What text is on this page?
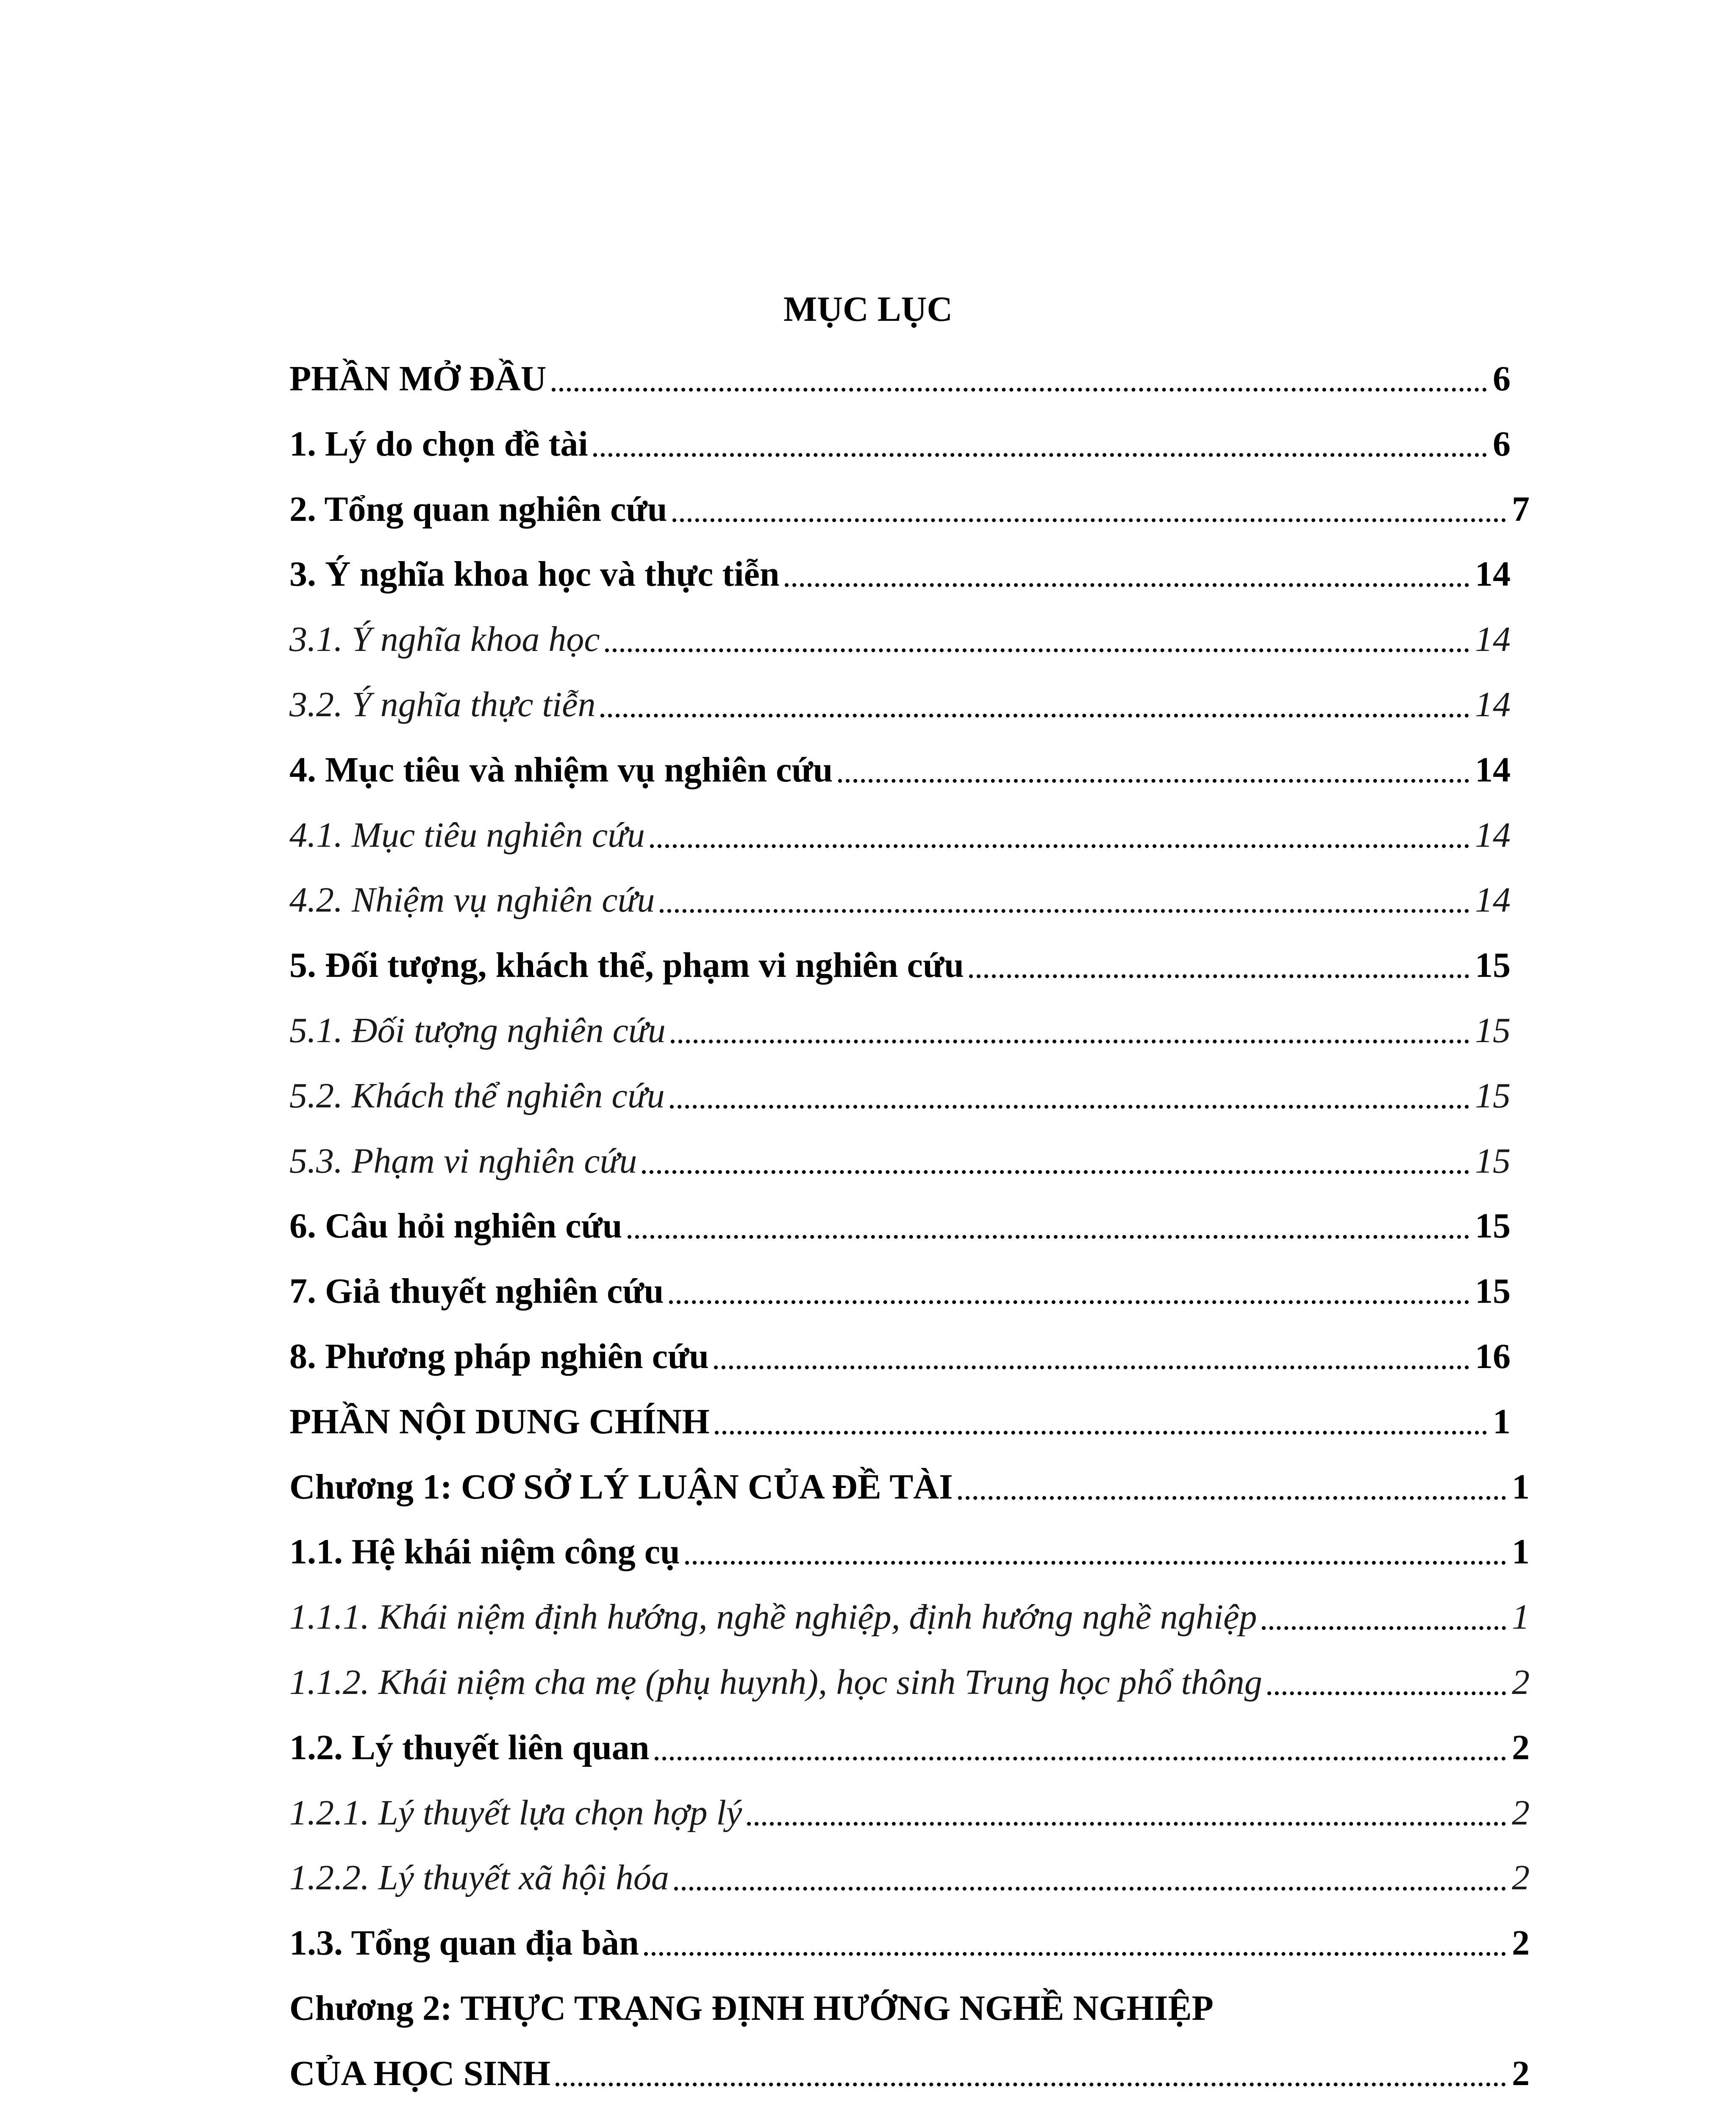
MỤC LỤC
PHẦN MỞ ĐẦU	6
1. Lý do chọn đề tài	6
2. Tổng quan nghiên cứu	7
3. Ý nghĩa khoa học và thực tiễn	14
3.1. Ý nghĩa khoa học	14
3.2. Ý nghĩa thực tiễn	14
4. Mục tiêu và nhiệm vụ nghiên cứu	14
4.1. Mục tiêu nghiên cứu	14
4.2. Nhiệm vụ nghiên cứu	14
5. Đối tượng, khách thể, phạm vi nghiên cứu	15
5.1. Đối tượng nghiên cứu	15
5.2. Khách thể nghiên cứu	15
5.3. Phạm vi nghiên cứu	15
6. Câu hỏi nghiên cứu	15
7. Giả thuyết nghiên cứu	15
8. Phương pháp nghiên cứu	16
PHẦN NỘI DUNG CHÍNH	1
Chương 1: CƠ SỞ LÝ LUẬN CỦA ĐỀ TÀI	1
1.1. Hệ khái niệm công cụ	1
1.1.1. Khái niệm định hướng, nghề nghiệp, định hướng nghề nghiệp	1
1.1.2. Khái niệm cha mẹ (phụ huynh), học sinh Trung học phổ thông	2
1.2. Lý thuyết liên quan	2
1.2.1. Lý thuyết lựa chọn hợp lý	2
1.2.2. Lý thuyết xã hội hóa	2
1.3. Tổng quan địa bàn	2
Chương 2: THỰC TRẠNG ĐỊNH HƯỚNG NGHỀ NGHIỆP
CỦA HỌC SINH	2
